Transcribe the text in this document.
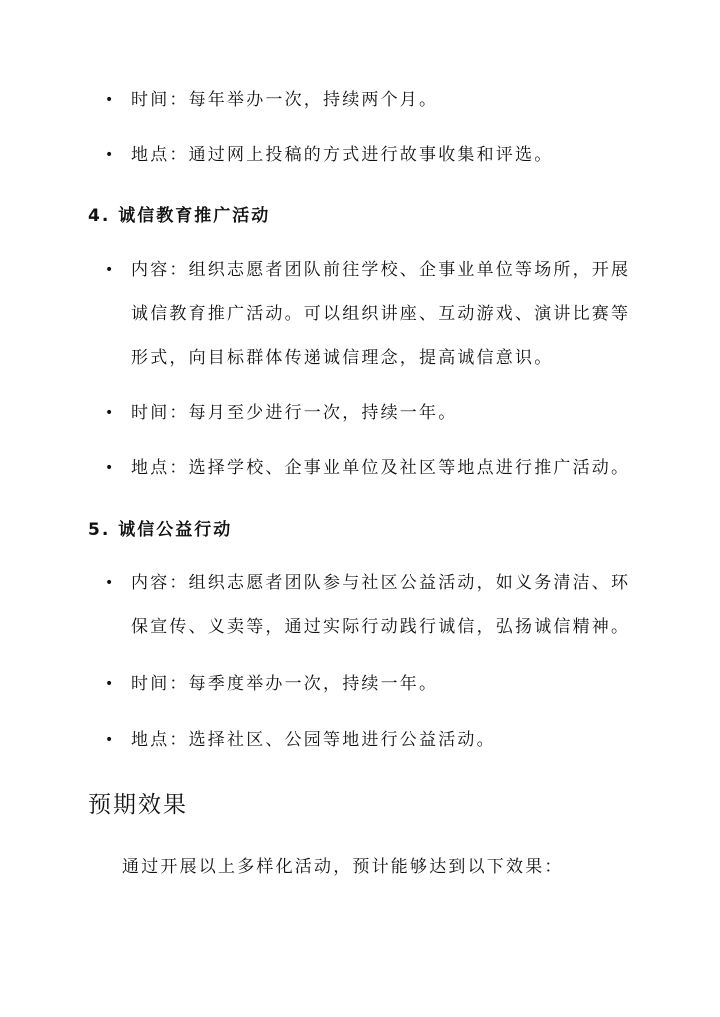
•	时间：每年举办一次，持续两个月。
•	地点：通过网上投稿的方式进行故事收集和评选。
4. 诚信教育推广活动
•	内容：组织志愿者团队前往学校、企事业单位等场所，开展
诚信教育推广活动。可以组织讲座、互动游戏、演讲比赛等
形式，向目标群体传递诚信理念，提高诚信意识。
•	时间：每月至少进行一次，持续一年。
•	地点：选择学校、企事业单位及社区等地点进行推广活动。
5. 诚信公益行动
•	内容：组织志愿者团队参与社区公益活动，如义务清洁、环
保宣传、义卖等，通过实际行动践行诚信，弘扬诚信精神。
•	时间：每季度举办一次，持续一年。
•	地点：选择社区、公园等地进行公益活动。
预期效果
通过开展以上多样化活动，预计能够达到以下效果：
